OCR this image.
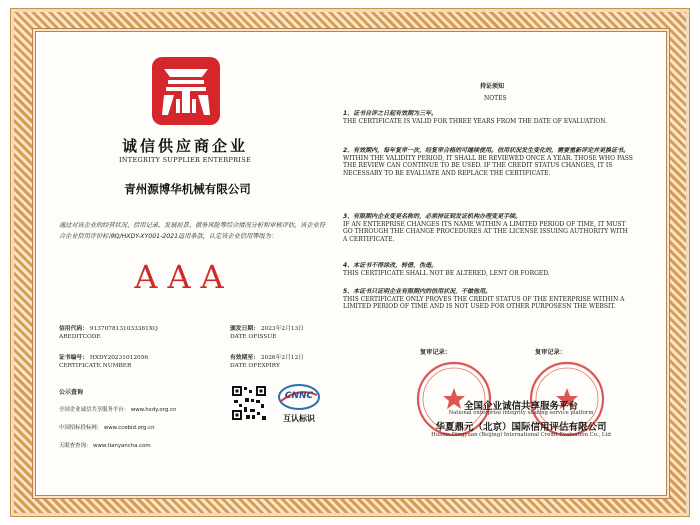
诚信供应商企业
INTEGRITY SUPPLIER ENTERPRISE
青州源博华机械有限公司
通过对该企业的经营状况、信用记录、发展前景、债务风险等综合情况分析和审核评估，该企业符合企业信用评价标准Q/HXDY-XY001-2021适用条款，认定该企业信用等级为：
AAA
信用代码： 91370781310333​61XQ
AREDITCODE
颁发日期： 2023年2月13日
DATE OFISSUE
证书编号： HXDY20231012056
CERTIFICATE NUMBER
有效期至： 2026年2月12日
DATE OFEXPIRY
公示查询
全国企业诚信共享服务平台： www.hxdy.org.cn
中国招标投标网： www.ccebid.org.cn
天眼查查询： www.tianyancha.com
CNNC
互认标识
持证须知
NOTES
1、证书自评之日起有效期为三年。
THE CERTIFICATE IS VALID FOR THREE YEARS FROM THE DATE OF EVALUATION.
2、有效期内，每年复审一次，经复审合格的可继续使用。信用状况发生变化的，需要重新评定并更换证书。
WITHIN THE VALIDITY PERIOD, IT SHALL BE REVIEWED ONCE A YEAR. THOSE WHO PASS THE REVIEW CAN CONTINUE TO BE USED. IF THE CREDIT STATUS CHANGES, IT IS NECESSARY TO RE EVALUATE AND REPLACE THE CERTIFICATE.
3、有限期内企业变更名称的，必须持证到发证机构办理变更手续。
IF AN ENTERPRISE CHANGES ITS NAME WITHIN A LIMITED PERIOD OF TIME, IT MUST GO THROUGH THE CHANGE PROCEDURES AT THE LICENSE ISSUING AUTHORITY WITH A CERTIFICATE.
4、本证书不得涂改，转借，伪造。
THIS CERTIFICATE SHALL NOT BE ALTERED, LENT OR FORGED.
5、本证书只证明企业有限期内的信用状况，不做他用。
THIS CERTIFICATE ONLY PROVES THE CREDIT STATUS OF THE ENTERPRISE WITHIN A LIMITED PERIOD OF TIME AND IS NOT USED FOR OTHER PURPOSESN THE WEBSIT.
复审记录：	复审记录：
全国企业诚信共享服务平台
National enterprise integrity sharing service platform
华夏鼎元（北京）国际信用评估有限公司
Huaxia Dingyuan (Beijing) International Credit Evaluation Co., Ltd
